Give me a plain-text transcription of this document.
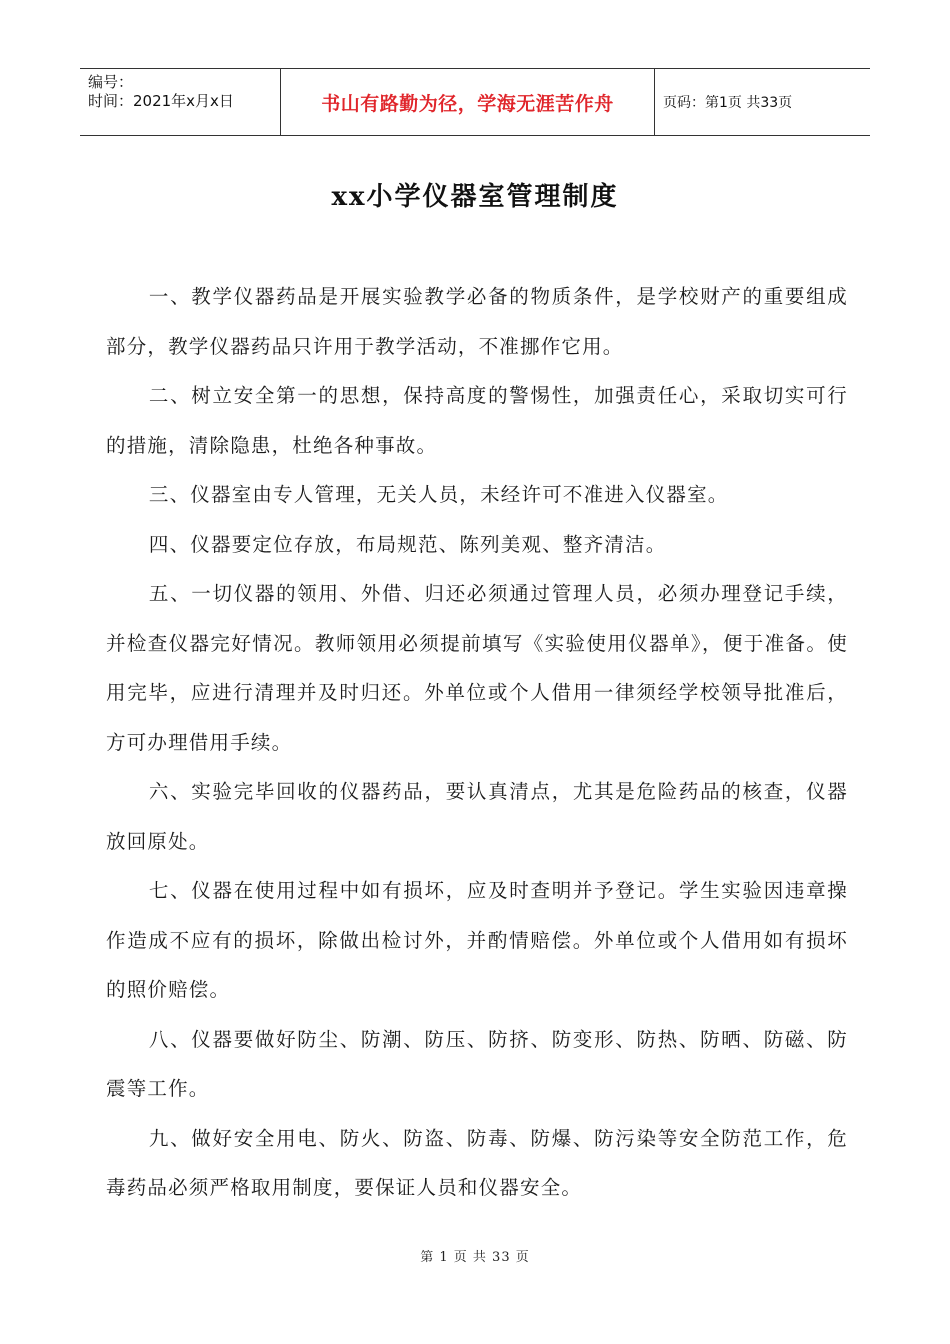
编号：
时间：2021年x月x日	书山有路勤为径，学海无涯苦作舟	页码：第1页 共33页
xx小学仪器室管理制度

一、教学仪器药品是开展实验教学必备的物质条件，是学校财产的重要组成部分，教学仪器药品只许用于教学活动，不准挪作它用。

二、树立安全第一的思想，保持高度的警惕性，加强责任心，采取切实可行的措施，清除隐患，杜绝各种事故。

三、仪器室由专人管理，无关人员，未经许可不准进入仪器室。

四、仪器要定位存放，布局规范、陈列美观、整齐清洁。

五、一切仪器的领用、外借、归还必须通过管理人员，必须办理登记手续，并检查仪器完好情况。教师领用必须提前填写《实验使用仪器单》，便于准备。使用完毕，应进行清理并及时归还。外单位或个人借用一律须经学校领导批准后，方可办理借用手续。

六、实验完毕回收的仪器药品，要认真清点，尤其是危险药品的核查，仪器放回原处。

七、仪器在使用过程中如有损坏，应及时查明并予登记。学生实验因违章操作造成不应有的损坏，除做出检讨外，并酌情赔偿。外单位或个人借用如有损坏的照价赔偿。

八、仪器要做好防尘、防潮、防压、防挤、防变形、防热、防晒、防磁、防震等工作。

九、做好安全用电、防火、防盗、防毒、防爆、防污染等安全防范工作，危毒药品必须严格取用制度，要保证人员和仪器安全。

第 1 页 共 33 页
